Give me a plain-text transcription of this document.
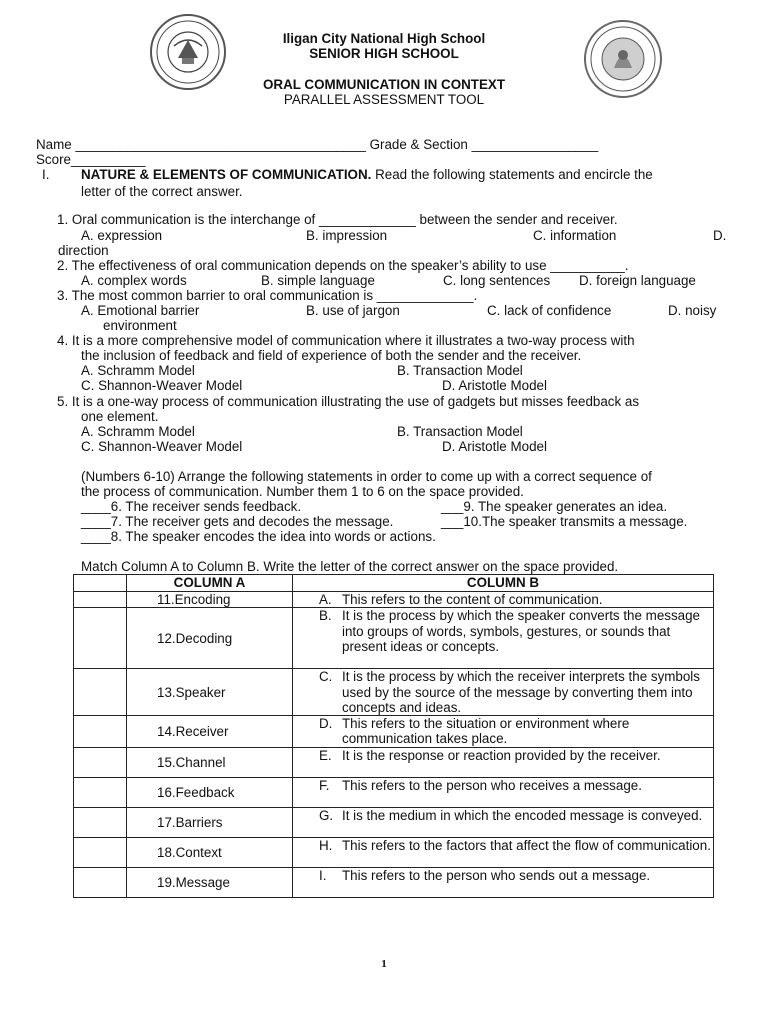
Iligan City National High School
SENIOR HIGH SCHOOL
ORAL COMMUNICATION IN CONTEXT
PARALLEL ASSESSMENT TOOL
Name _______________________________________ Grade & Section _________________
Score__________
I. NATURE & ELEMENTS OF COMMUNICATION. Read the following statements and encircle the
letter of the correct answer.
1. Oral communication is the interchange of _____________ between the sender and receiver.
A. expression	B. impression	C. information	D.
direction
2. The effectiveness of oral communication depends on the speaker’s ability to use __________.
A. complex words	B. simple language	C. long sentences D. foreign language
3. The most common barrier to oral communication is _____________.
A. Emotional barrier	B. use of jargon	C. lack of confidence	D. noisy
environment
4. It is a more comprehensive model of communication where it illustrates a two-way process with
the inclusion of feedback and field of experience of both the sender and the receiver.
A. Schramm Model	B. Transaction Model
C. Shannon-Weaver Model	D. Aristotle Model
5. It is a one-way process of communication illustrating the use of gadgets but misses feedback as
one element.
A. Schramm Model	B. Transaction Model
C. Shannon-Weaver Model	D. Aristotle Model
(Numbers 6-10) Arrange the following statements in order to come up with a correct sequence of
the process of communication. Number them 1 to 6 on the space provided.
____6. The receiver sends feedback.	___9. The speaker generates an idea.
____7. The receiver gets and decodes the message.	___10.The speaker transmits a message.
____8. The speaker encodes the idea into words or actions.
Match Column A to Column B. Write the letter of the correct answer on the space provided.
	COLUMN A	COLUMN B

	11.Encoding	A. This refers to the content of communication.

	12.Decoding	B. It is the process by which the speaker converts the message into groups of words, symbols, gestures, or sounds that present ideas or concepts.

	13.Speaker	C. It is the process by which the receiver interprets the symbols used by the source of the message by converting them into concepts and ideas.

	14.Receiver	D. This refers to the situation or environment where communication takes place.

	15.Channel	E. It is the response or reaction provided by the receiver.

	16.Feedback	F. This refers to the person who receives a message.

	17.Barriers	G. It is the medium in which the encoded message is conveyed.

	18.Context	H. This refers to the factors that affect the flow of communication.

	19.Message	I. This refers to the person who sends out a message.
1
